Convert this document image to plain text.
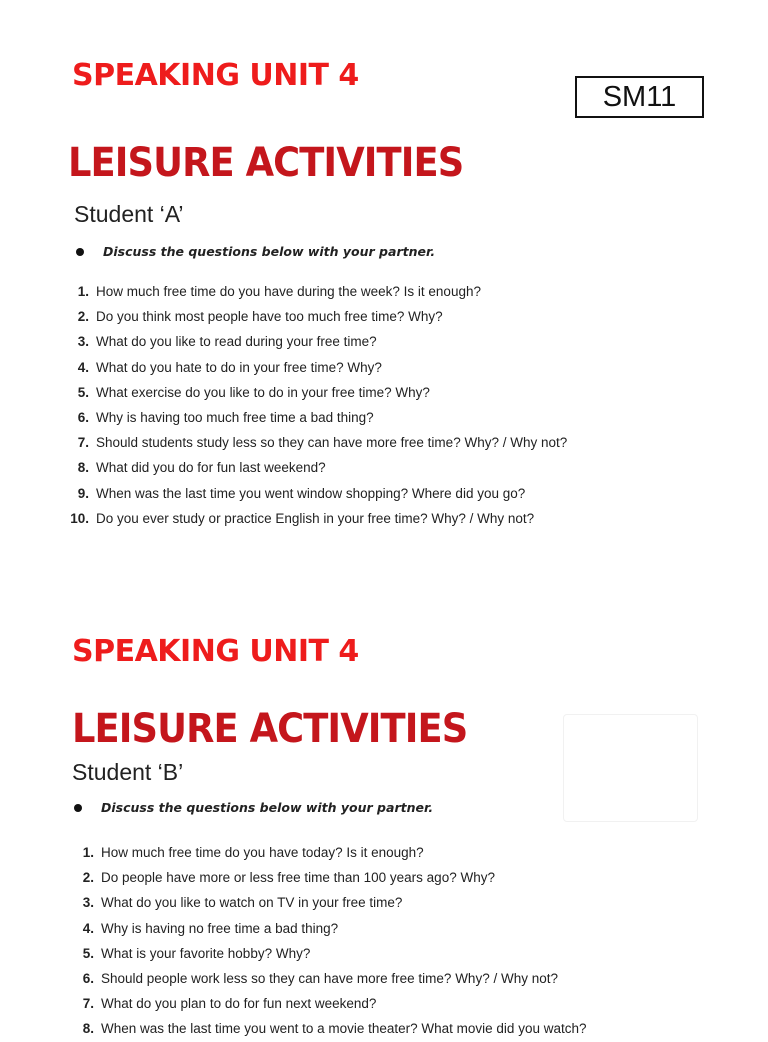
SPEAKING UNIT 4
SM11
LEISURE ACTIVITIES

Student ‘A’

Discuss the questions below with your partner.
1. How much free time do you have during the week? Is it enough?
2. Do you think most people have too much free time? Why?
3. What do you like to read during your free time?
4. What do you hate to do in your free time? Why?
5. What exercise do you like to do in your free time? Why?
6. Why is having too much free time a bad thing?
7. Should students study less so they can have more free time? Why? / Why not?
8. What did you do for fun last weekend?
9. When was the last time you went window shopping? Where did you go?
10. Do you ever study or practice English in your free time? Why? / Why not?
SPEAKING UNIT 4
LEISURE ACTIVITIES

Student ‘B’

Discuss the questions below with your partner.
1. How much free time do you have today? Is it enough?
2. Do people have more or less free time than 100 years ago? Why?
3. What do you like to watch on TV in your free time?
4. Why is having no free time a bad thing?
5. What is your favorite hobby? Why?
6. Should people work less so they can have more free time? Why? / Why not?
7. What do you plan to do for fun next weekend?
8. When was the last time you went to a movie theater? What movie did you watch?
